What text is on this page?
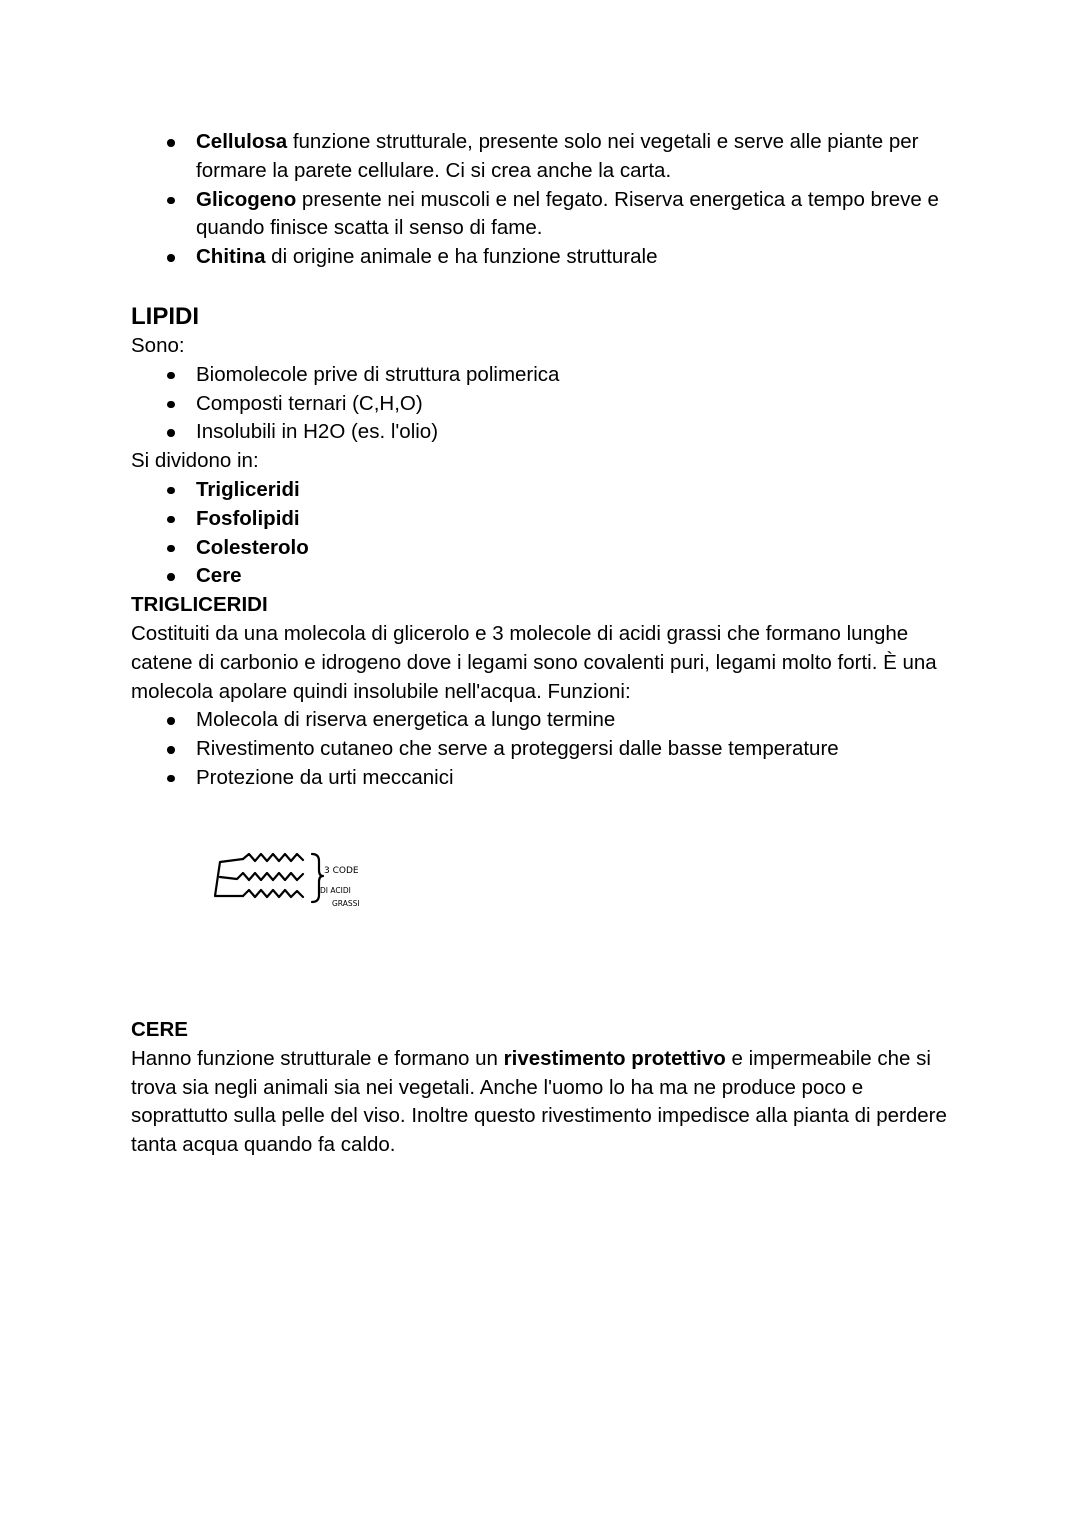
Cellulosa funzione strutturale, presente solo nei vegetali e serve alle piante per formare la parete cellulare. Ci si crea anche la carta.
Glicogeno presente nei muscoli e nel fegato. Riserva energetica a tempo breve e quando finisce scatta il senso di fame.
Chitina di origine animale e ha funzione strutturale

LIPIDI

Sono:

Biomolecole prive di struttura polimerica
Composti ternari (C,H,O)
Insolubili in H2O (es. l'olio)

Si dividono in:

Trigliceridi
Fosfolipidi
Colesterolo
Cere

TRIGLICERIDI

Costituiti da una molecola di glicerolo e 3 molecole di acidi grassi che formano lunghe catene di carbonio e idrogeno dove i legami sono covalenti puri, legami molto forti. È una molecola apolare quindi insolubile nell'acqua. Funzioni:

Molecola di riserva energetica a lungo termine
Rivestimento cutaneo che serve a proteggersi dalle basse temperature
Protezione da urti meccanici
3 CODE
DI ACIDI
GRASSI

CERE

Hanno funzione strutturale e formano un rivestimento protettivo e impermeabile che si trova sia negli animali sia nei vegetali. Anche l'uomo lo ha ma ne produce poco e soprattutto sulla pelle del viso. Inoltre questo rivestimento impedisce alla pianta di perdere tanta acqua quando fa caldo.
